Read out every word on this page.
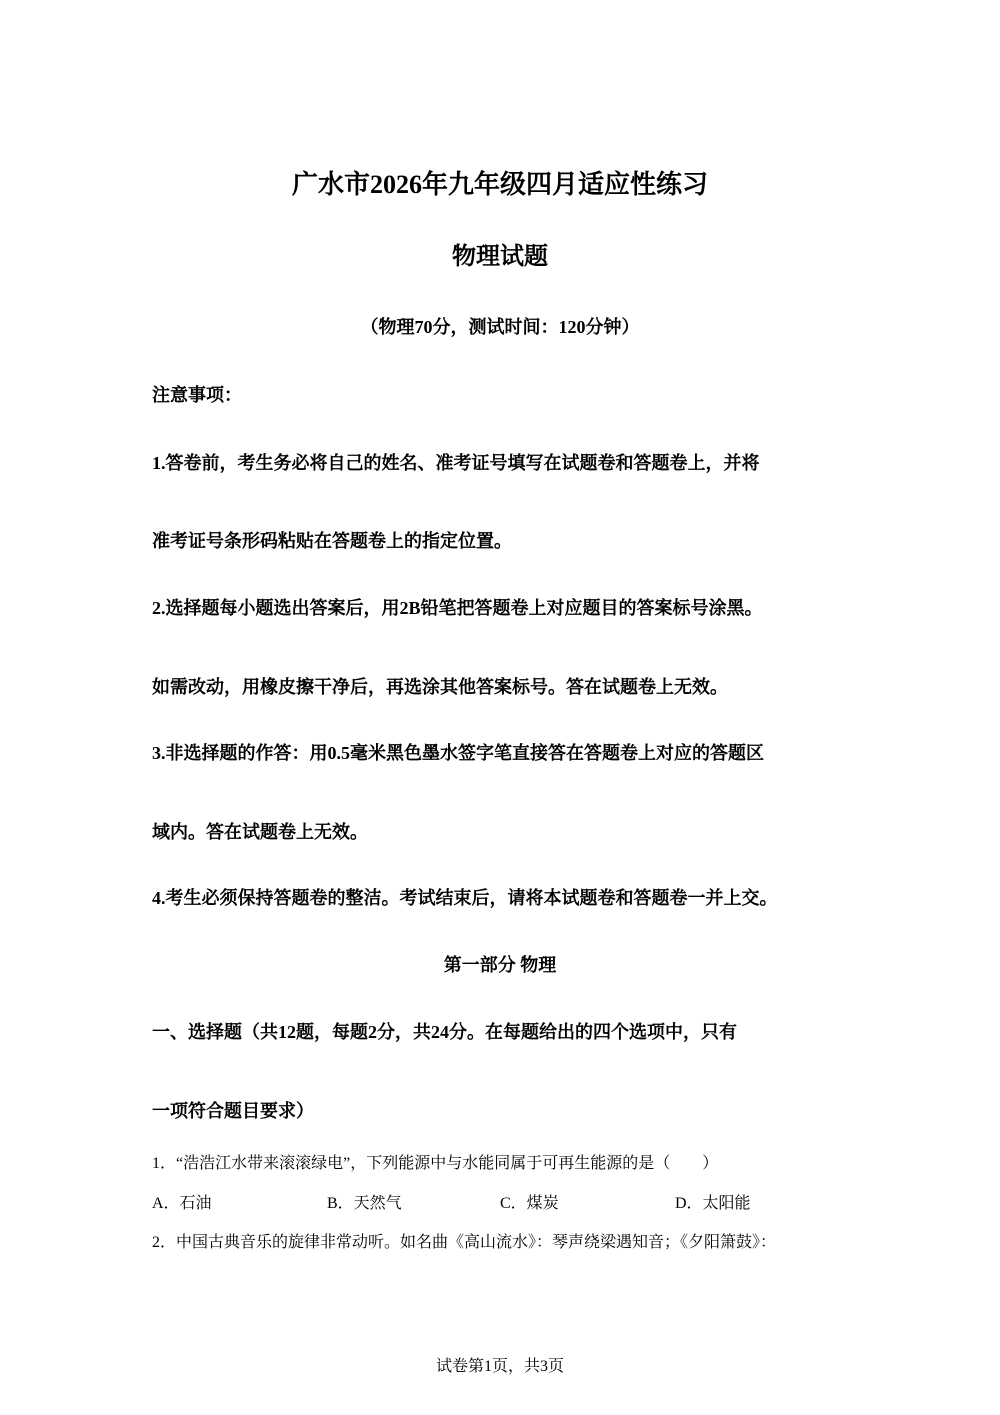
广水市2026年九年级四月适应性练习
物理试题
（物理70分，测试时间：120分钟）
注意事项：
1.答卷前，考生务必将自己的姓名、准考证号填写在试题卷和答题卷上，并将
准考证号条形码粘贴在答题卷上的指定位置。
2.选择题每小题选出答案后，用2B铅笔把答题卷上对应题目的答案标号涂黑。
如需改动，用橡皮擦干净后，再选涂其他答案标号。答在试题卷上无效。
3.非选择题的作答：用0.5毫米黑色墨水签字笔直接答在答题卷上对应的答题区
域内。答在试题卷上无效。
4.考生必须保持答题卷的整洁。考试结束后，请将本试题卷和答题卷一并上交。
第一部分 物理
一、选择题（共12题，每题2分，共24分。在每题给出的四个选项中，只有
一项符合题目要求）
1．“浩浩江水带来滚滚绿电”，下列能源中与水能同属于可再生能源的是（　　）
A．石油	B．天然气	C．煤炭	D．太阳能
2．中国古典音乐的旋律非常动听。如名曲《高山流水》：琴声绕梁遇知音；《夕阳箫鼓》：
试卷第1页，共3页
